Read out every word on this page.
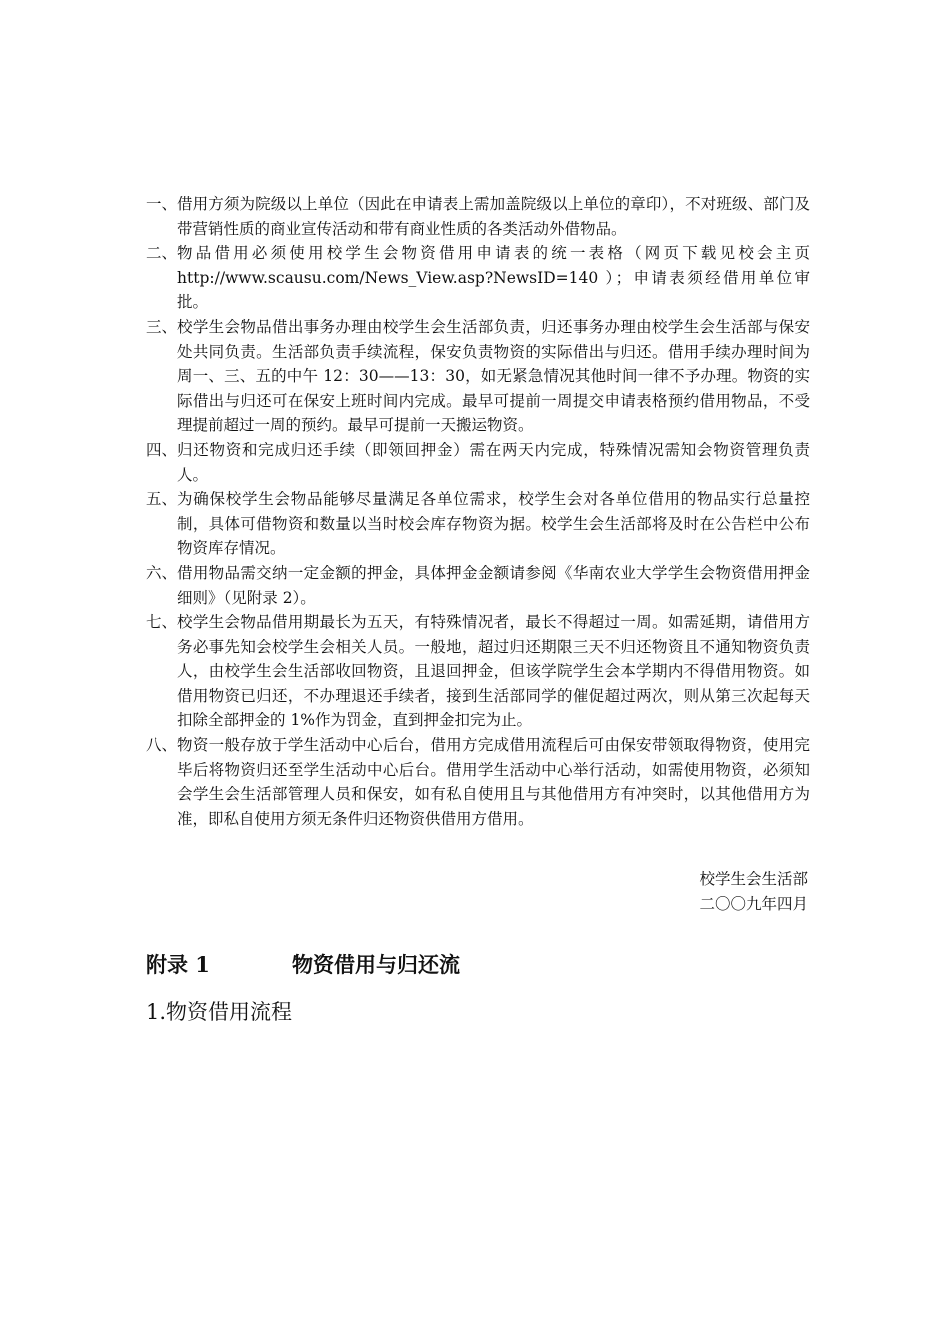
一、 借用方须为院级以上单位（因此在申请表上需加盖院级以上单位的章印），不对班级、部门及带营销性质的商业宣传活动和带有商业性质的各类活动外借物品。
二、 物品借用必须使用校学生会物资借用申请表的统一表格（网页下载见校会主页 http://www.scausu.com/News_View.asp?NewsID=140 ）；申请表须经借用单位审批。
三、 校学生会物品借出事务办理由校学生会生活部负责，归还事务办理由校学生会生活部与保安处共同负责。生活部负责手续流程，保安负责物资的实际借出与归还。借用手续办理时间为周一、三、五的中午 12：30——13：30，如无紧急情况其他时间一律不予办理。物资的实际借出与归还可在保安上班时间内完成。最早可提前一周提交申请表格预约借用物品，不受理提前超过一周的预约。最早可提前一天搬运物资。
四、 归还物资和完成归还手续（即领回押金）需在两天内完成，特殊情况需知会物资管理负责人。
五、 为确保校学生会物品能够尽量满足各单位需求，校学生会对各单位借用的物品实行总量控制，具体可借物资和数量以当时校会库存物资为据。校学生会生活部将及时在公告栏中公布物资库存情况。
六、 借用物品需交纳一定金额的押金，具体押金金额请参阅《华南农业大学学生会物资借用押金细则》（见附录 2）。
七、 校学生会物品借用期最长为五天，有特殊情况者，最长不得超过一周。如需延期，请借用方务必事先知会校学生会相关人员。一般地，超过归还期限三天不归还物资且不通知物资负责人，由校学生会生活部收回物资，且退回押金，但该学院学生会本学期内不得借用物资。如借用物资已归还，不办理退还手续者，接到生活部同学的催促超过两次，则从第三次起每天扣除全部押金的 1%作为罚金，直到押金扣完为止。
八、 物资一般存放于学生活动中心后台，借用方完成借用流程后可由保安带领取得物资，使用完毕后将物资归还至学生活动中心后台。借用学生活动中心举行活动，如需使用物资，必须知会学生会生活部管理人员和保安，如有私自使用且与其他借用方有冲突时，以其他借用方为准，即私自使用方须无条件归还物资供借用方借用。
校学生会生活部
二〇〇九年四月
附录 1	物资借用与归还流
1.物资借用流程
